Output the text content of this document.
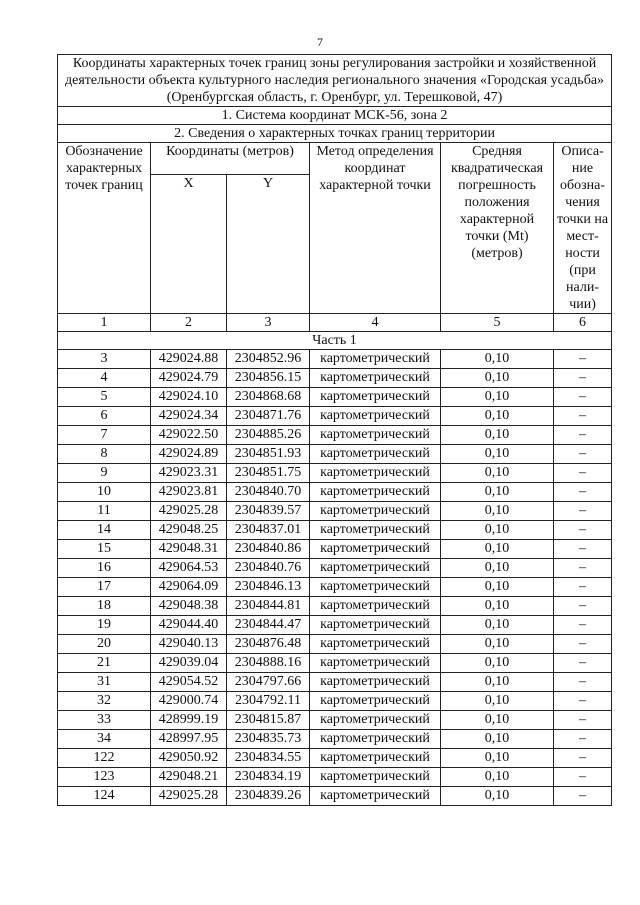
7
Координаты характерных точек границ зоны регулирования застройки и хозяйственной деятельности объекта культурного наследия регионального значения «Городская усадьба» (Оренбургская область, г. Оренбург, ул. Терешковой, 47)					
1. Система координат МСК-56, зона 2					
2. Сведения о характерных точках границ территории					
Обозначение характерных точек границ	Координаты (метров)		Метод определения координат характерной точки	Средняя квадратическая погрешность положения характерной точки (Mt) (метров)	Описа-ние обозна-чения точки на мест-ности (при нали-чии)
	X	Y			
1	2	3	4	5	6
Часть 1					
3	429024.88	2304852.96	картометрический	0,10	–
4	429024.79	2304856.15	картометрический	0,10	–
5	429024.10	2304868.68	картометрический	0,10	–
6	429024.34	2304871.76	картометрический	0,10	–
7	429022.50	2304885.26	картометрический	0,10	–
8	429024.89	2304851.93	картометрический	0,10	–
9	429023.31	2304851.75	картометрический	0,10	–
10	429023.81	2304840.70	картометрический	0,10	–
11	429025.28	2304839.57	картометрический	0,10	–
14	429048.25	2304837.01	картометрический	0,10	–
15	429048.31	2304840.86	картометрический	0,10	–
16	429064.53	2304840.76	картометрический	0,10	–
17	429064.09	2304846.13	картометрический	0,10	–
18	429048.38	2304844.81	картометрический	0,10	–
19	429044.40	2304844.47	картометрический	0,10	–
20	429040.13	2304876.48	картометрический	0,10	–
21	429039.04	2304888.16	картометрический	0,10	–
31	429054.52	2304797.66	картометрический	0,10	–
32	429000.74	2304792.11	картометрический	0,10	–
33	428999.19	2304815.87	картометрический	0,10	–
34	428997.95	2304835.73	картометрический	0,10	–
122	429050.92	2304834.55	картометрический	0,10	–
123	429048.21	2304834.19	картометрический	0,10	–
124	429025.28	2304839.26	картометрический	0,10	–
